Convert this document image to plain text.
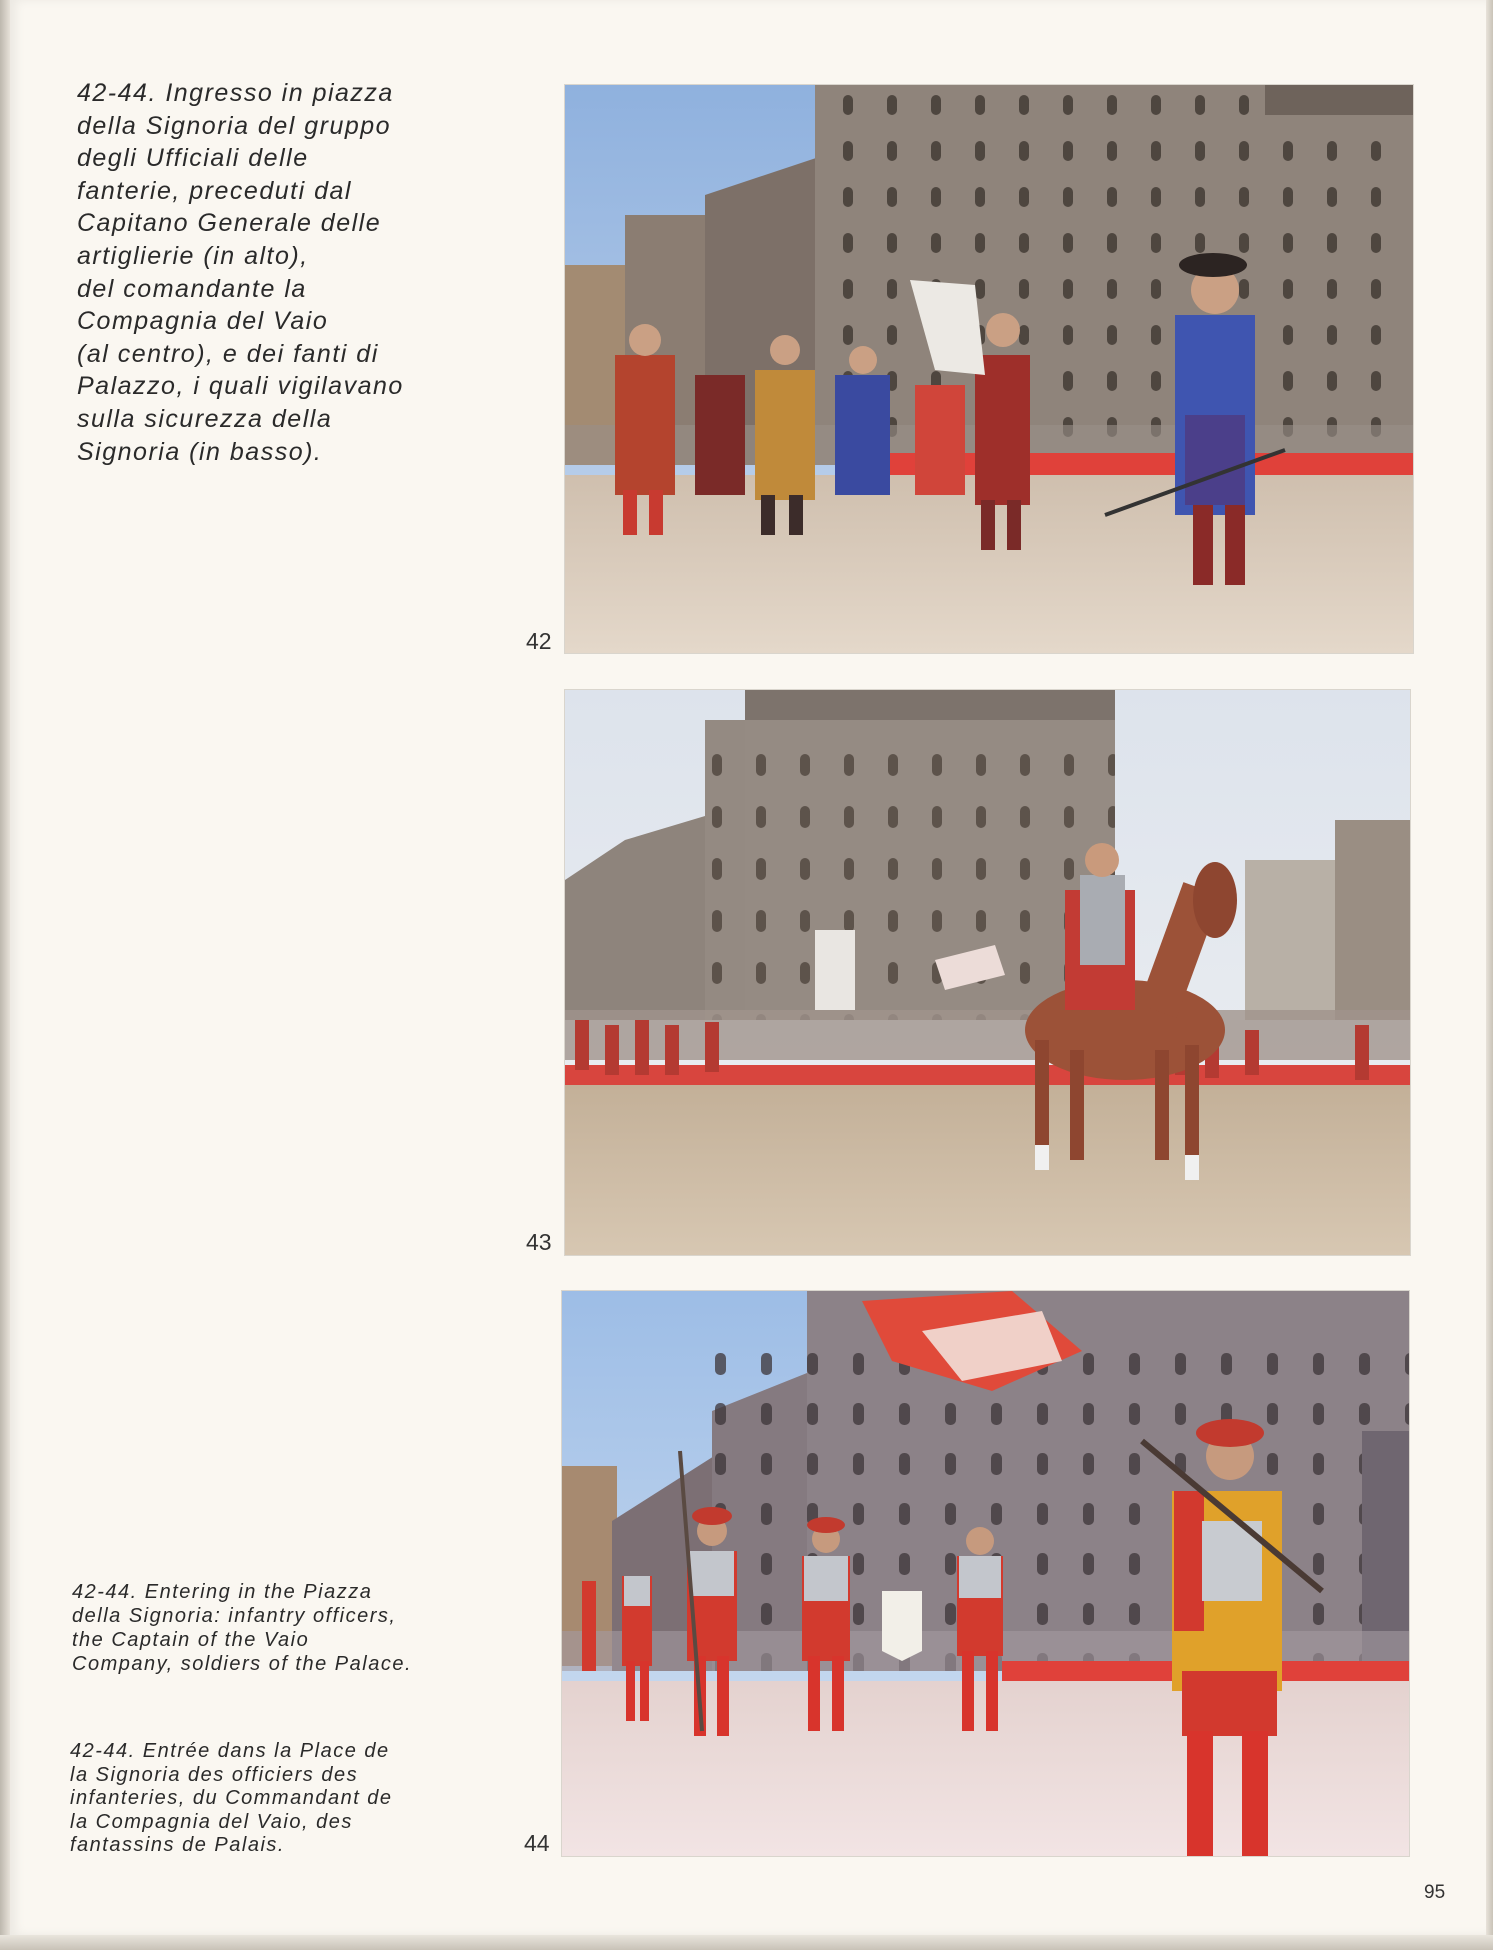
42-44. Ingresso in piazza
della Signoria del gruppo
degli Ufficiali delle
fanterie, preceduti dal
Capitano Generale delle
artiglierie (in alto),
del comandante la
Compagnia del Vaio
(al centro), e dei fanti di
Palazzo, i quali vigilavano
sulla sicurezza della
Signoria (in basso).
42-44. Entering in the Piazza
della Signoria: infantry officers,
the Captain of the Vaio
Company, soldiers of the Palace.
42-44. Entrée dans la Place de
la Signoria des officiers des
infanteries, du Commandant de
la Compagnia del Vaio, des
fantassins de Palais.
42
43
44
95
